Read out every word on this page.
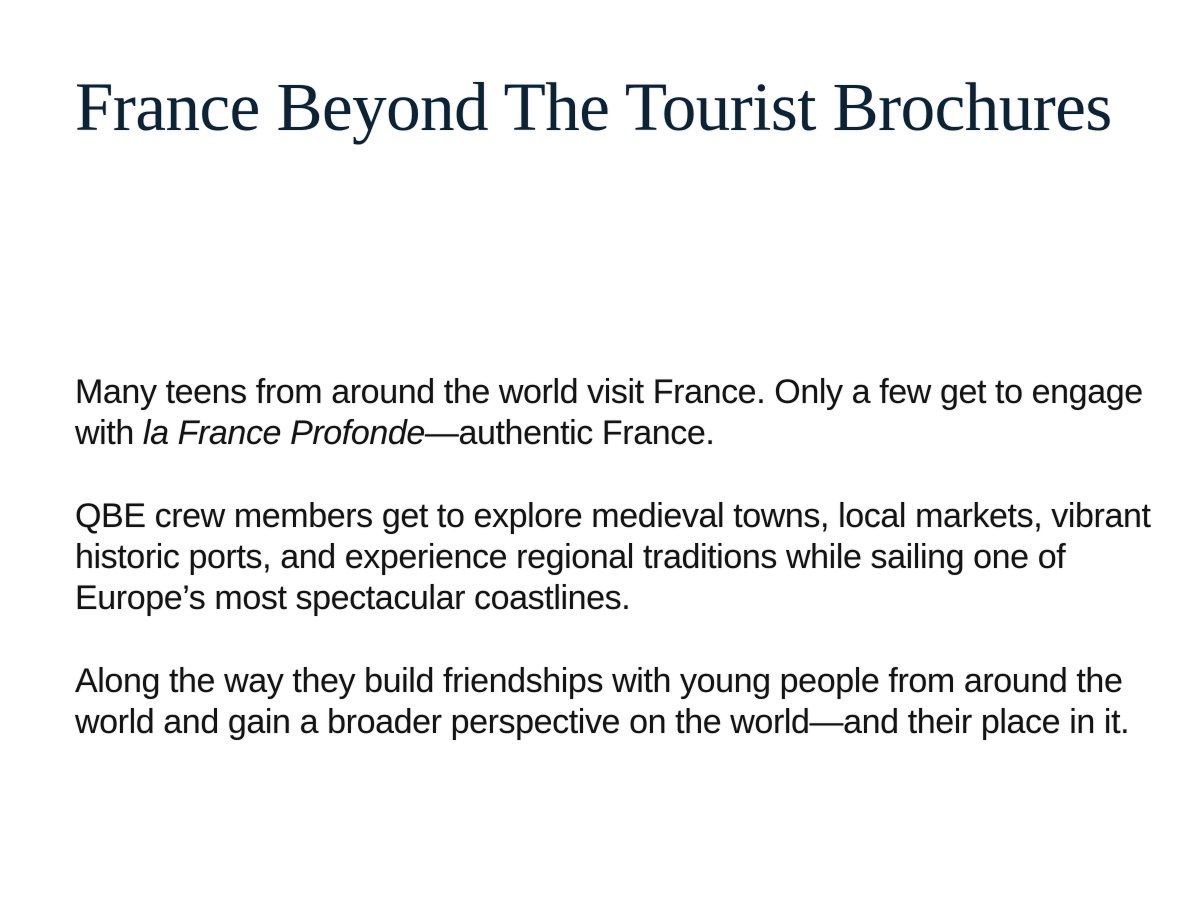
France Beyond The Tourist Brochures

Many teens from around the world visit France. Only a few get to engage with la France Profonde—authentic France.

QBE crew members get to explore medieval towns, local markets, vibrant historic ports, and experience regional traditions while sailing one of Europe’s most spectacular coastlines.

Along the way they build friendships with young people from around the world and gain a broader perspective on the world—and their place in it.
